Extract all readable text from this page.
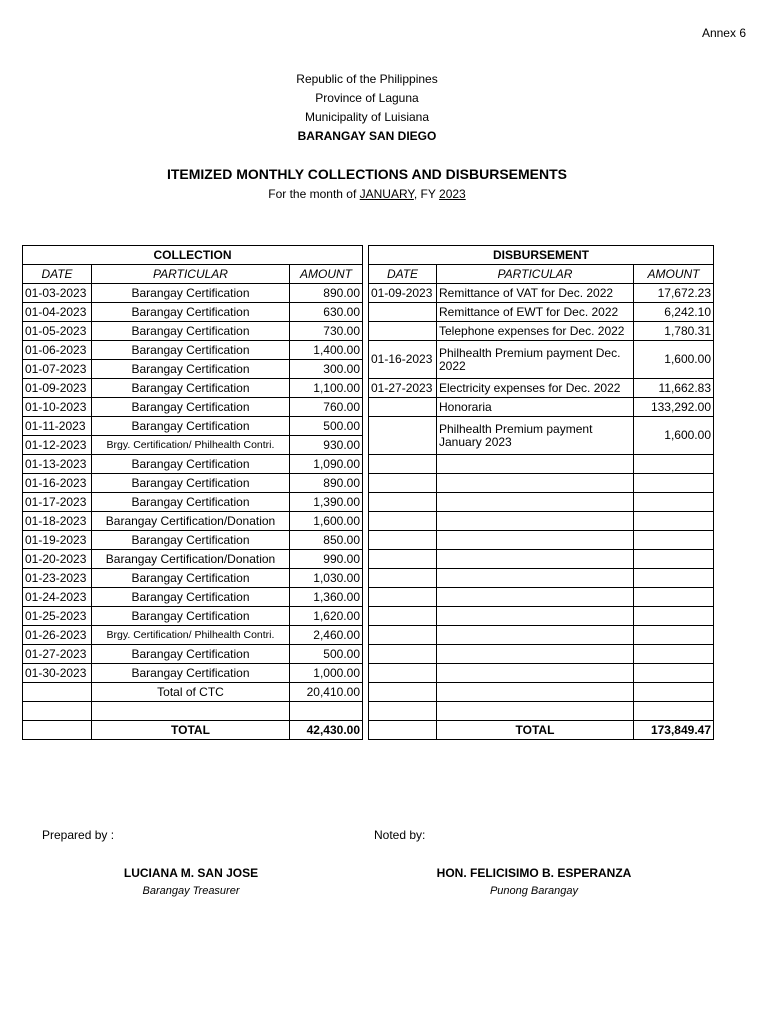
Annex 6
Republic of the Philippines
Province of Laguna
Municipality of Luisiana
BARANGAY SAN DIEGO
ITEMIZED MONTHLY COLLECTIONS AND DISBURSEMENTS
For the month of JANUARY, FY 2023
COLLECTION				DISBURSEMENT		
DATE	PARTICULAR	AMOUNT		DATE	PARTICULAR	AMOUNT
01-03-2023	Barangay Certification	890.00		01-09-2023	Remittance of VAT for Dec. 2022	17,672.23
01-04-2023	Barangay Certification	630.00			Remittance of EWT for Dec. 2022	6,242.10
01-05-2023	Barangay Certification	730.00			Telephone expenses for Dec. 2022	1,780.31
01-06-2023	Barangay Certification	1,400.00		01-16-2023	Philhealth Premium payment Dec. 2022	1,600.00
01-07-2023	Barangay Certification	300.00				
01-09-2023	Barangay Certification	1,100.00		01-27-2023	Electricity expenses for Dec. 2022	11,662.83
01-10-2023	Barangay Certification	760.00			Honoraria	133,292.00
01-11-2023	Barangay Certification	500.00			Philhealth Premium payment January 2023	1,600.00
01-12-2023	Brgy. Certification/ Philhealth Contri.	930.00				
01-13-2023	Barangay Certification	1,090.00				
01-16-2023	Barangay Certification	890.00				
01-17-2023	Barangay Certification	1,390.00				
01-18-2023	Barangay Certification/Donation	1,600.00				
01-19-2023	Barangay Certification	850.00				
01-20-2023	Barangay Certification/Donation	990.00				
01-23-2023	Barangay Certification	1,030.00				
01-24-2023	Barangay Certification	1,360.00				
01-25-2023	Barangay Certification	1,620.00				
01-26-2023	Brgy. Certification/ Philhealth Contri.	2,460.00				
01-27-2023	Barangay Certification	500.00				
01-30-2023	Barangay Certification	1,000.00				
	Total of CTC	20,410.00				

	TOTAL	42,430.00			TOTAL	173,849.47
Prepared by :	Noted by:
LUCIANA M. SAN JOSE
Barangay Treasurer
HON. FELICISIMO B. ESPERANZA
Punong Barangay
